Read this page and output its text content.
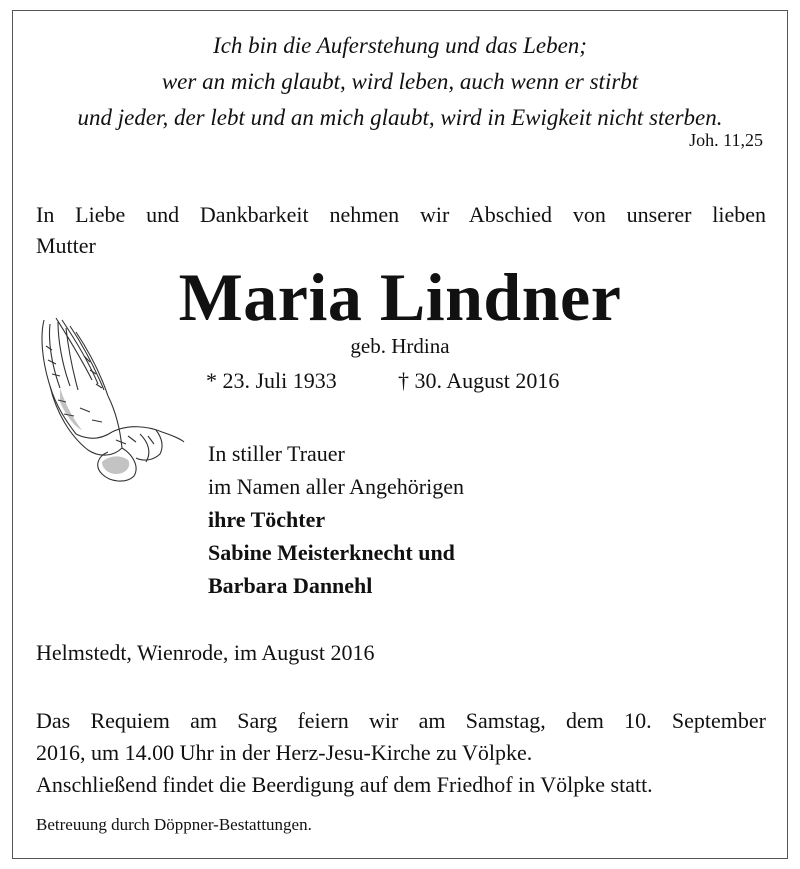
Ich bin die Auferstehung und das Leben;
wer an mich glaubt, wird leben, auch wenn er stirbt
und jeder, der lebt und an mich glaubt, wird in Ewigkeit nicht sterben.
Joh. 11,25
In Liebe und Dankbarkeit nehmen wir Abschied von unserer lieben
Mutter
Maria Lindner
geb. Hrdina
* 23. Juli 1933	† 30. August 2016
In stiller Trauer
im Namen aller Angehörigen
ihre Töchter
Sabine Meisterknecht und
Barbara Dannehl
Helmstedt, Wienrode, im August 2016
Das Requiem am Sarg feiern wir am Samstag, dem 10. September
2016, um 14.00 Uhr in der Herz-Jesu-Kirche zu Völpke.
Anschließend findet die Beerdigung auf dem Friedhof in Völpke statt.
Betreuung durch Döppner-Bestattungen.
